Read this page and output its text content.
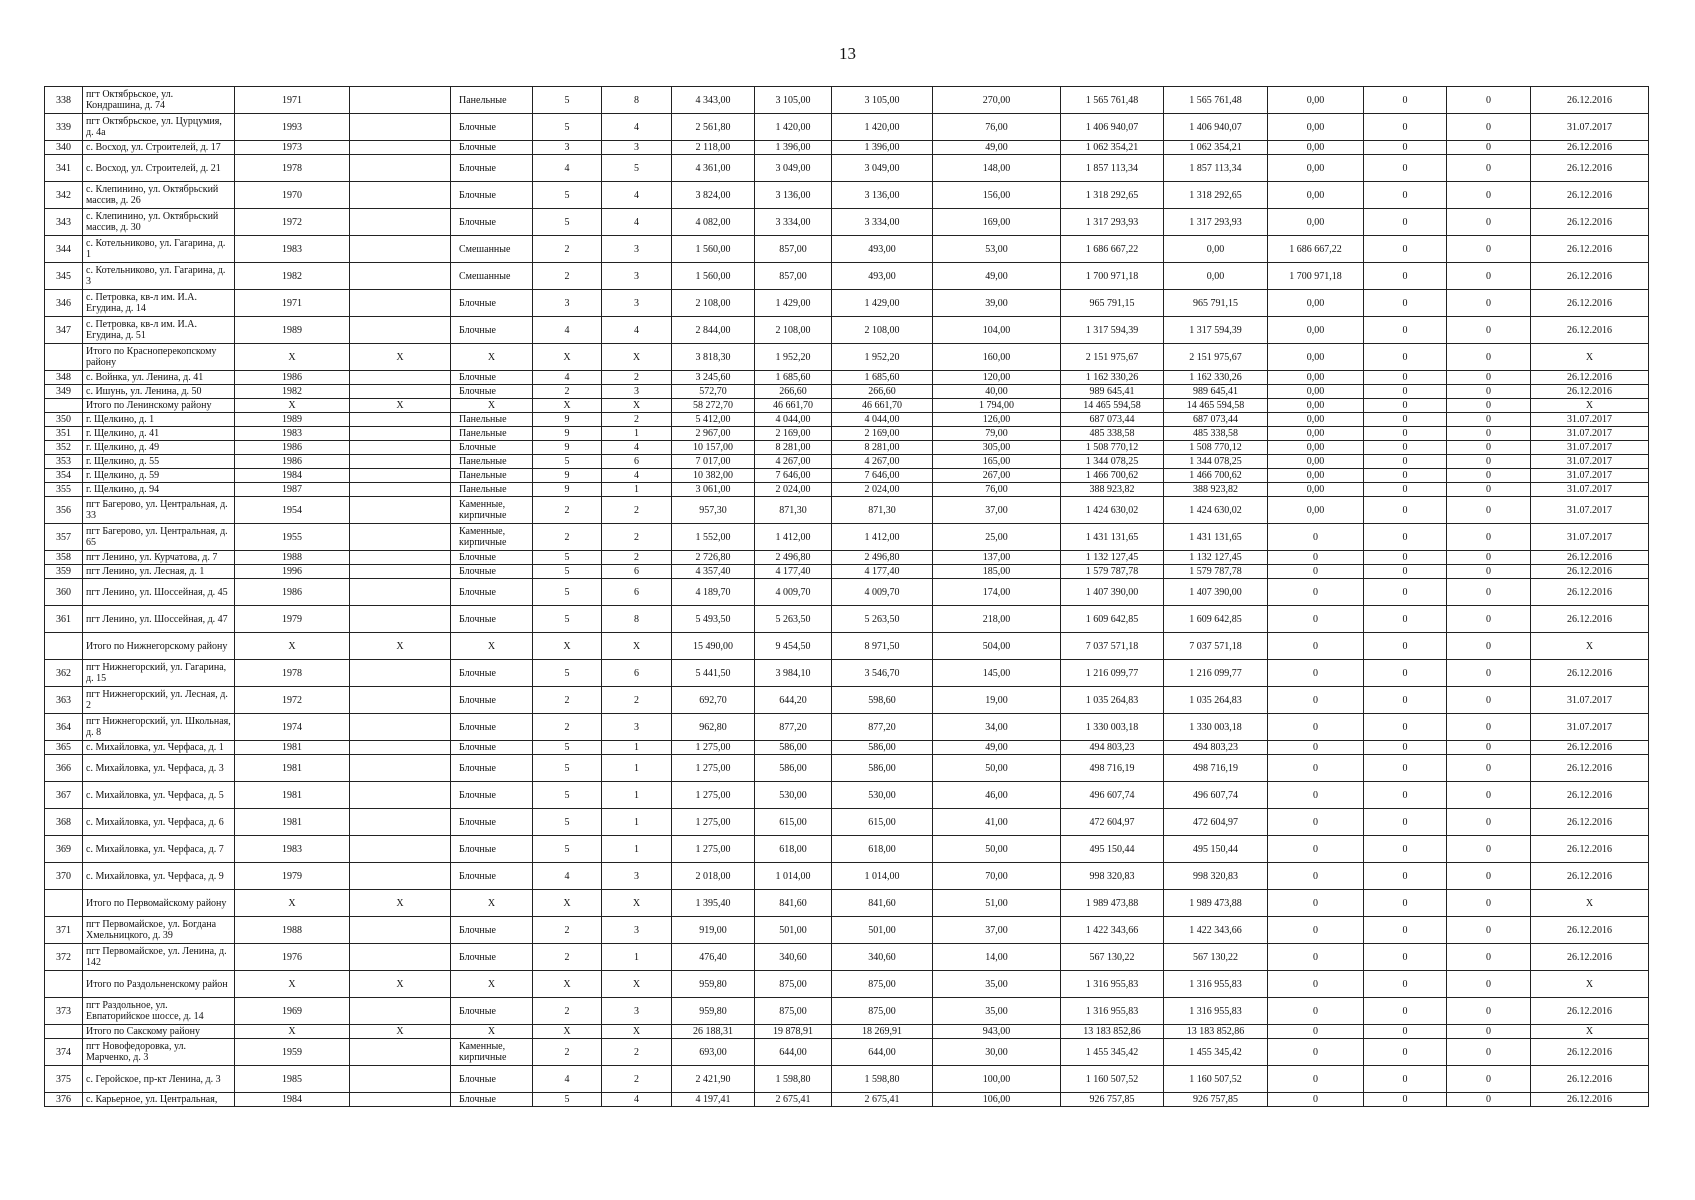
13
338	пгт Октябрьское, ул. Кондрашина, д. 74	1971		Панельные	5	8	4 343,00	3 105,00	3 105,00	270,00	1 565 761,48	1 565 761,48	0,00	0	0	26.12.2016
339	пгт Октябрьское, ул. Цурцумия, д. 4а	1993		Блочные	5	4	2 561,80	1 420,00	1 420,00	76,00	1 406 940,07	1 406 940,07	0,00	0	0	31.07.2017
340	с. Восход, ул. Строителей, д. 17	1973		Блочные	3	3	2 118,00	1 396,00	1 396,00	49,00	1 062 354,21	1 062 354,21	0,00	0	0	26.12.2016
341	с. Восход, ул. Строителей, д. 21	1978		Блочные	4	5	4 361,00	3 049,00	3 049,00	148,00	1 857 113,34	1 857 113,34	0,00	0	0	26.12.2016
342	с. Клепинино, ул. Октябрьский массив, д. 26	1970		Блочные	5	4	3 824,00	3 136,00	3 136,00	156,00	1 318 292,65	1 318 292,65	0,00	0	0	26.12.2016
343	с. Клепинино, ул. Октябрьский массив, д. 30	1972		Блочные	5	4	4 082,00	3 334,00	3 334,00	169,00	1 317 293,93	1 317 293,93	0,00	0	0	26.12.2016
344	с. Котельниково, ул. Гагарина, д. 1	1983		Смешанные	2	3	1 560,00	857,00	493,00	53,00	1 686 667,22	0,00	1 686 667,22	0	0	26.12.2016
345	с. Котельниково, ул. Гагарина, д. 3	1982		Смешанные	2	3	1 560,00	857,00	493,00	49,00	1 700 971,18	0,00	1 700 971,18	0	0	26.12.2016
346	с. Петровка, кв-л им. И.А. Егудина, д. 14	1971		Блочные	3	3	2 108,00	1 429,00	1 429,00	39,00	965 791,15	965 791,15	0,00	0	0	26.12.2016
347	с. Петровка, кв-л им. И.А. Егудина, д. 51	1989		Блочные	4	4	2 844,00	2 108,00	2 108,00	104,00	1 317 594,39	1 317 594,39	0,00	0	0	26.12.2016
	Итого по Красноперекопскому району	Х	Х	Х	Х	Х	3 818,30	1 952,20	1 952,20	160,00	2 151 975,67	2 151 975,67	0,00	0	0	Х
348	с. Войнка, ул. Ленина, д. 41	1986		Блочные	4	2	3 245,60	1 685,60	1 685,60	120,00	1 162 330,26	1 162 330,26	0,00	0	0	26.12.2016
349	с. Ишунь, ул. Ленина, д. 50	1982		Блочные	2	3	572,70	266,60	266,60	40,00	989 645,41	989 645,41	0,00	0	0	26.12.2016
	Итого по Ленинскому району	Х	Х	Х	Х	Х	58 272,70	46 661,70	46 661,70	1 794,00	14 465 594,58	14 465 594,58	0,00	0	0	Х
350	г. Щелкино, д. 1	1989		Панельные	9	2	5 412,00	4 044,00	4 044,00	126,00	687 073,44	687 073,44	0,00	0	0	31.07.2017
351	г. Щелкино, д. 41	1983		Панельные	9	1	2 967,00	2 169,00	2 169,00	79,00	485 338,58	485 338,58	0,00	0	0	31.07.2017
352	г. Щелкино, д. 49	1986		Блочные	9	4	10 157,00	8 281,00	8 281,00	305,00	1 508 770,12	1 508 770,12	0,00	0	0	31.07.2017
353	г. Щелкино, д. 55	1986		Панельные	5	6	7 017,00	4 267,00	4 267,00	165,00	1 344 078,25	1 344 078,25	0,00	0	0	31.07.2017
354	г. Щелкино, д. 59	1984		Панельные	9	4	10 382,00	7 646,00	7 646,00	267,00	1 466 700,62	1 466 700,62	0,00	0	0	31.07.2017
355	г. Щелкино, д. 94	1987		Панельные	9	1	3 061,00	2 024,00	2 024,00	76,00	388 923,82	388 923,82	0,00	0	0	31.07.2017
356	пгт Багерово, ул. Центральная, д. 33	1954		Каменные, кирпичные	2	2	957,30	871,30	871,30	37,00	1 424 630,02	1 424 630,02	0,00	0	0	31.07.2017
357	пгт Багерово, ул. Центральная, д. 65	1955		Каменные, кирпичные	2	2	1 552,00	1 412,00	1 412,00	25,00	1 431 131,65	1 431 131,65	0	0	0	31.07.2017
358	пгт Ленино, ул. Курчатова, д. 7	1988		Блочные	5	2	2 726,80	2 496,80	2 496,80	137,00	1 132 127,45	1 132 127,45	0	0	0	26.12.2016
359	пгт Ленино, ул. Лесная, д. 1	1996		Блочные	5	6	4 357,40	4 177,40	4 177,40	185,00	1 579 787,78	1 579 787,78	0	0	0	26.12.2016
360	пгт Ленино, ул. Шоссейная, д. 45	1986		Блочные	5	6	4 189,70	4 009,70	4 009,70	174,00	1 407 390,00	1 407 390,00	0	0	0	26.12.2016
361	пгт Ленино, ул. Шоссейная, д. 47	1979		Блочные	5	8	5 493,50	5 263,50	5 263,50	218,00	1 609 642,85	1 609 642,85	0	0	0	26.12.2016
	Итого по Нижнегорскому району	Х	Х	Х	Х	Х	15 490,00	9 454,50	8 971,50	504,00	7 037 571,18	7 037 571,18	0	0	0	Х
362	пгт Нижнегорский, ул. Гагарина, д. 15	1978		Блочные	5	6	5 441,50	3 984,10	3 546,70	145,00	1 216 099,77	1 216 099,77	0	0	0	26.12.2016
363	пгт Нижнегорский, ул. Лесная, д. 2	1972		Блочные	2	2	692,70	644,20	598,60	19,00	1 035 264,83	1 035 264,83	0	0	0	31.07.2017
364	пгт Нижнегорский, ул. Школьная, д. 8	1974		Блочные	2	3	962,80	877,20	877,20	34,00	1 330 003,18	1 330 003,18	0	0	0	31.07.2017
365	с. Михайловка, ул. Черфаса, д. 1	1981		Блочные	5	1	1 275,00	586,00	586,00	49,00	494 803,23	494 803,23	0	0	0	26.12.2016
366	с. Михайловка, ул. Черфаса, д. 3	1981		Блочные	5	1	1 275,00	586,00	586,00	50,00	498 716,19	498 716,19	0	0	0	26.12.2016
367	с. Михайловка, ул. Черфаса, д. 5	1981		Блочные	5	1	1 275,00	530,00	530,00	46,00	496 607,74	496 607,74	0	0	0	26.12.2016
368	с. Михайловка, ул. Черфаса, д. 6	1981		Блочные	5	1	1 275,00	615,00	615,00	41,00	472 604,97	472 604,97	0	0	0	26.12.2016
369	с. Михайловка, ул. Черфаса, д. 7	1983		Блочные	5	1	1 275,00	618,00	618,00	50,00	495 150,44	495 150,44	0	0	0	26.12.2016
370	с. Михайловка, ул. Черфаса, д. 9	1979		Блочные	4	3	2 018,00	1 014,00	1 014,00	70,00	998 320,83	998 320,83	0	0	0	26.12.2016
	Итого по Первомайскому району	Х	Х	Х	Х	Х	1 395,40	841,60	841,60	51,00	1 989 473,88	1 989 473,88	0	0	0	Х
371	пгт Первомайское, ул. Богдана Хмельницкого, д. 39	1988		Блочные	2	3	919,00	501,00	501,00	37,00	1 422 343,66	1 422 343,66	0	0	0	26.12.2016
372	пгт Первомайское, ул. Ленина, д. 142	1976		Блочные	2	1	476,40	340,60	340,60	14,00	567 130,22	567 130,22	0	0	0	26.12.2016
	Итого по Раздольненскому район	Х	Х	Х	Х	Х	959,80	875,00	875,00	35,00	1 316 955,83	1 316 955,83	0	0	0	Х
373	пгт Раздольное, ул. Евпаторийское шоссе, д. 14	1969		Блочные	2	3	959,80	875,00	875,00	35,00	1 316 955,83	1 316 955,83	0	0	0	26.12.2016
	Итого по Сакскому району	Х	Х	Х	Х	Х	26 188,31	19 878,91	18 269,91	943,00	13 183 852,86	13 183 852,86	0	0	0	Х
374	пгт Новофедоровка, ул. Марченко, д. 3	1959		Каменные, кирпичные	2	2	693,00	644,00	644,00	30,00	1 455 345,42	1 455 345,42	0	0	0	26.12.2016
375	с. Геройское, пр-кт Ленина, д. 3	1985		Блочные	4	2	2 421,90	1 598,80	1 598,80	100,00	1 160 507,52	1 160 507,52	0	0	0	26.12.2016
376	с. Карьерное, ул. Центральная,	1984		Блочные	5	4	4 197,41	2 675,41	2 675,41	106,00	926 757,85	926 757,85	0	0	0	26.12.2016
